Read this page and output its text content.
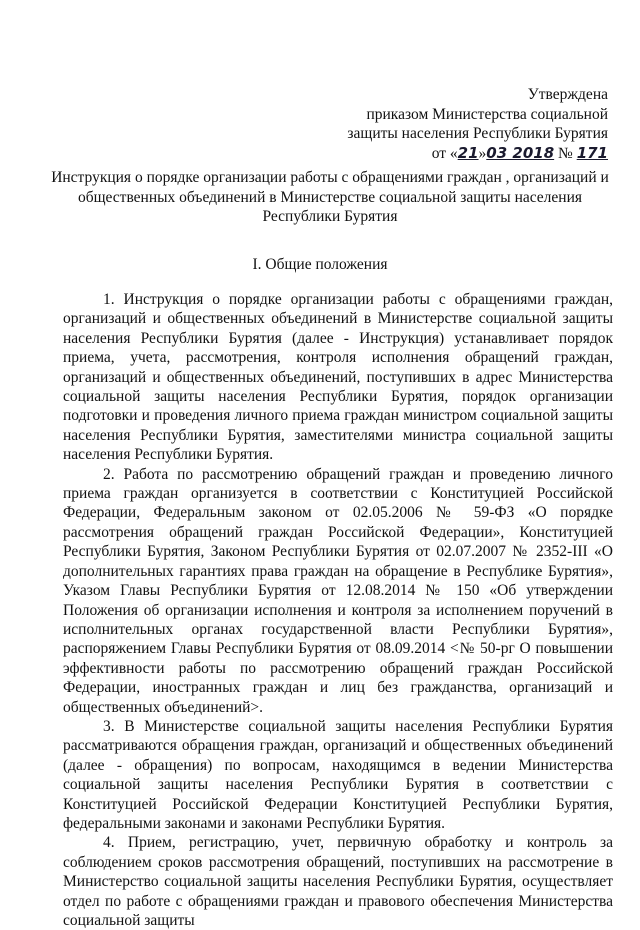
Утверждена
приказом Министерства социальной
защиты населения Республики Бурятия
от «21»03 2018 № 171
Инструкция о порядке организации работы с обращениями граждан , организаций и
общественных объединений в Министерстве социальной защиты населения
Республики Бурятия
I. Общие положения

1. Инструкция о порядке организации работы с обращениями граждан, организаций и общественных объединений в Министерстве социальной защиты населения Республики Бурятия (далее - Инструкция) устанавливает порядок приема, учета, рассмотрения, контроля исполнения обращений граждан, организаций и общественных объединений, поступивших в адрес Министерства социальной защиты населения Республики Бурятия, порядок организации подготовки и проведения личного приема граждан министром социальной защиты населения Республики Бурятия, заместителями министра социальной защиты населения Республики Бурятия.

2. Работа по рассмотрению обращений граждан и проведению личного приема граждан организуется в соответствии с Конституцией Российской Федерации, Федеральным законом от 02.05.2006 № 59-ФЗ «О порядке рассмотрения обращений граждан Российской Федерации», Конституцией Республики Бурятия, Законом Республики Бурятия от 02.07.2007 № 2352-III «О дополнительных гарантиях права граждан на обращение в Республике Бурятия», Указом Главы Республики Бурятия от 12.08.2014 № 150 «Об утверждении Положения об организации исполнения и контроля за исполнением поручений в исполнительных органах государственной власти Республики Бурятия», распоряжением Главы Республики Бурятия от 08.09.2014 <№ 50-рг О повышении эффективности работы по рассмотрению обращений граждан Российской Федерации, иностранных граждан и лиц без гражданства, организаций и общественных объединений>.

3. В Министерстве социальной защиты населения Республики Бурятия рассматриваются обращения граждан, организаций и общественных объединений (далее - обращения) по вопросам, находящимся в ведении Министерства социальной защиты населения Республики Бурятия в соответствии с Конституцией Российской Федерации Конституцией Республики Бурятия, федеральными законами и законами Республики Бурятия.

4. Прием, регистрацию, учет, первичную обработку и контроль за соблюдением сроков рассмотрения обращений, поступивших на рассмотрение в Министерство социальной защиты населения Республики Бурятия, осуществляет отдел по работе с обращениями граждан и правового обеспечения Министерства социальной защиты
